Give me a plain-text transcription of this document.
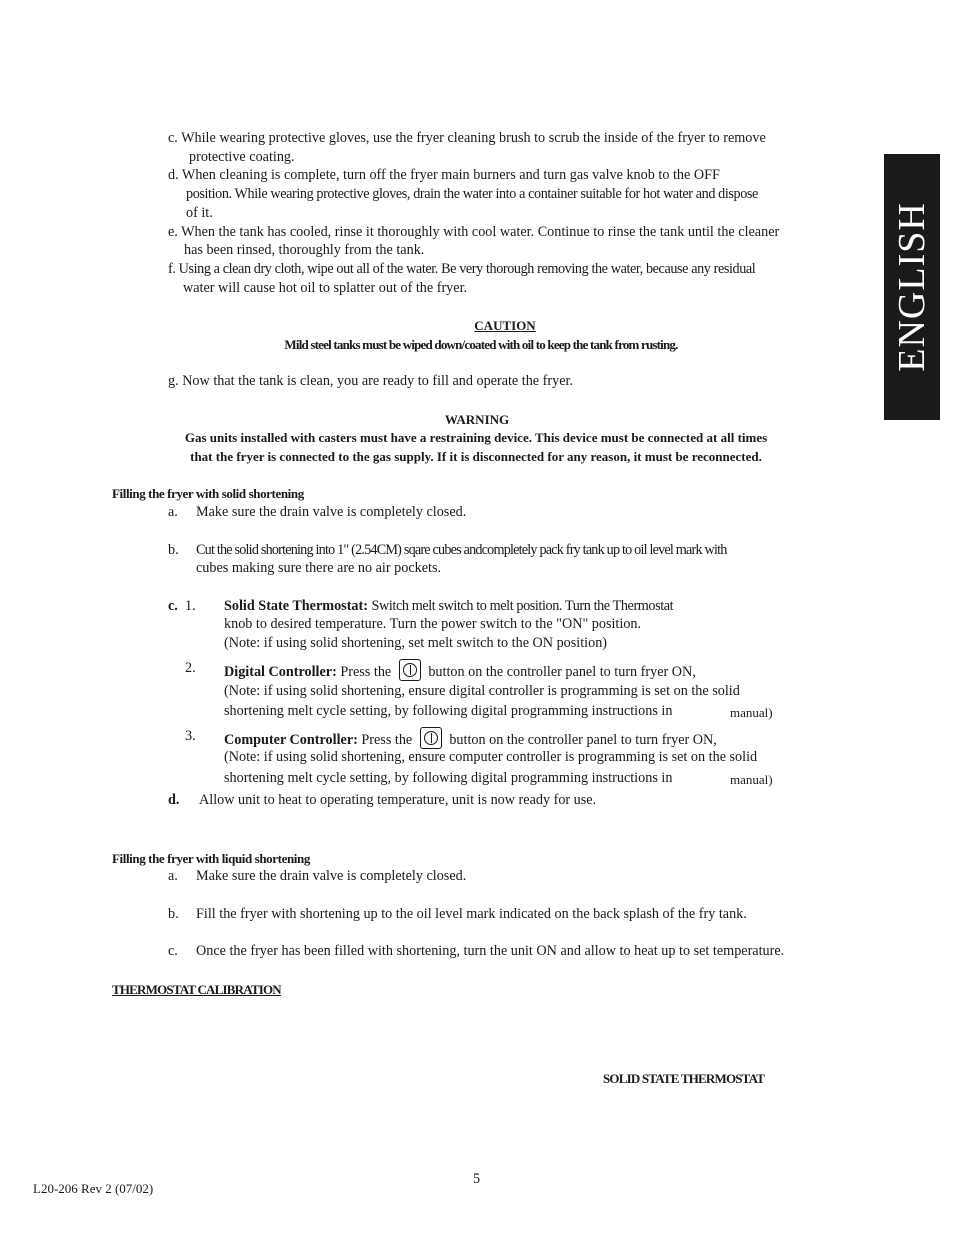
ENGLISH
c. While wearing protective gloves, use the fryer cleaning brush to scrub the inside of the fryer to remove
protective coating.
d. When cleaning is complete, turn off the fryer main burners and turn gas valve knob to the OFF
position. While wearing protective gloves, drain the water into a container suitable for hot water and dispose
of it.
e. When the tank has cooled, rinse it thoroughly with cool water. Continue to rinse the tank until the cleaner
has been rinsed, thoroughly from the tank.
f. Using a clean dry cloth, wipe out all of the water. Be very thorough removing the water, because any residual
water will cause hot oil to splatter out of the fryer.
CAUTION
Mild steel tanks must be wiped down/coated with oil to keep the tank from rusting.
g. Now that the tank is clean, you are ready to fill and operate the fryer.
WARNING
Gas units installed with casters must have a restraining device. This device must be connected at all times
that the fryer is connected to the gas supply. If it is disconnected for any reason, it must be reconnected.
Filling the fryer with solid shortening
a. Make sure the drain valve is completely closed.
b. Cut the solid shortening into 1" (2.54CM) sqare cubes andcompletely pack fry tank up to oil level mark with
cubes making sure there are no air pockets.
c. 1. Solid State Thermostat: Switch melt switch to melt position. Turn the Thermostat
knob to desired temperature. Turn the power switch to the "ON" position.
(Note: if using solid shortening, set melt switch to the ON position)
2. Digital Controller: Press the	button on the controller panel to turn fryer ON,
(Note: if using solid shortening, ensure digital controller is programming is set on the solid
shortening melt cycle setting, by following digital programming instructions in	manual)
3. Computer Controller: Press the	button on the controller panel to turn fryer ON,
(Note: if using solid shortening, ensure computer controller is programming is set on the solid
shortening melt cycle setting, by following digital programming instructions in	manual)
d. Allow unit to heat to operating temperature, unit is now ready for use.
Filling the fryer with liquid shortening
a. Make sure the drain valve is completely closed.
b. Fill the fryer with shortening up to the oil level mark indicated on the back splash of the fry tank.
c. Once the fryer has been filled with shortening, turn the unit ON and allow to heat up to set temperature.
THERMOSTAT CALIBRATION
SOLID STATE THERMOSTAT
5
L20-206 Rev 2 (07/02)
